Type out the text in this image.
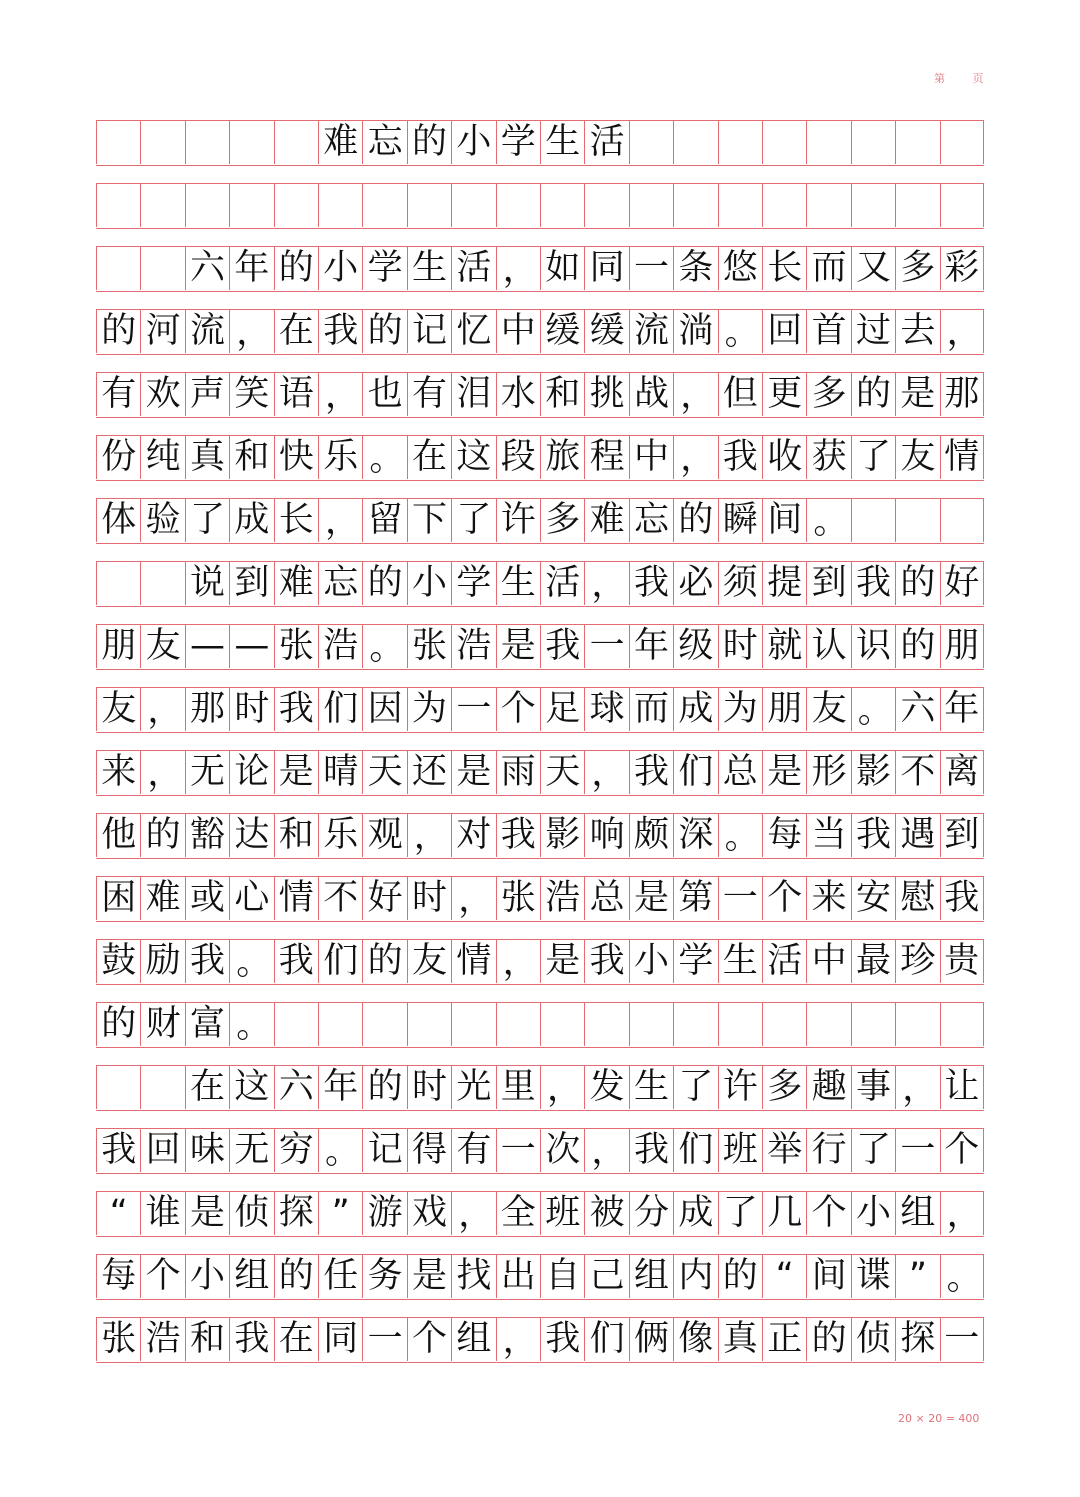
第 页
难 忘 的 小 学 生 活
六 年 的 小 学 生 活 ， 如 同 一 条 悠 长 而 又 多 彩
的 河 流 ， 在 我 的 记 忆 中 缓 缓 流 淌 。 回 首 过 去 ，
有 欢 声 笑 语 ， 也 有 泪 水 和 挑 战 ， 但 更 多 的 是 那
份 纯 真 和 快 乐 。 在 这 段 旅 程 中 ， 我 收 获 了 友 情
体 验 了 成 长 ， 留 下 了 许 多 难 忘 的 瞬 间 。
说 到 难 忘 的 小 学 生 活 ， 我 必 须 提 到 我 的 好
朋 友 — — 张 浩 。 张 浩 是 我 一 年 级 时 就 认 识 的 朋
友 ， 那 时 我 们 因 为 一 个 足 球 而 成 为 朋 友 。 六 年
来 ， 无 论 是 晴 天 还 是 雨 天 ， 我 们 总 是 形 影 不 离
他 的 豁 达 和 乐 观 ， 对 我 影 响 颇 深 。 每 当 我 遇 到
困 难 或 心 情 不 好 时 ， 张 浩 总 是 第 一 个 来 安 慰 我
鼓 励 我 。 我 们 的 友 情 ， 是 我 小 学 生 活 中 最 珍 贵
的 财 富 。
在 这 六 年 的 时 光 里 ， 发 生 了 许 多 趣 事 ， 让
我 回 味 无 穷 。 记 得 有 一 次 ， 我 们 班 举 行 了 一 个
“ 谁 是 侦 探 ” 游 戏 ， 全 班 被 分 成 了 几 个 小 组 ，
每 个 小 组 的 任 务 是 找 出 自 己 组 内 的 “ 间 谍 ” 。
张 浩 和 我 在 同 一 个 组 ， 我 们 俩 像 真 正 的 侦 探 一
20 × 20 = 400
